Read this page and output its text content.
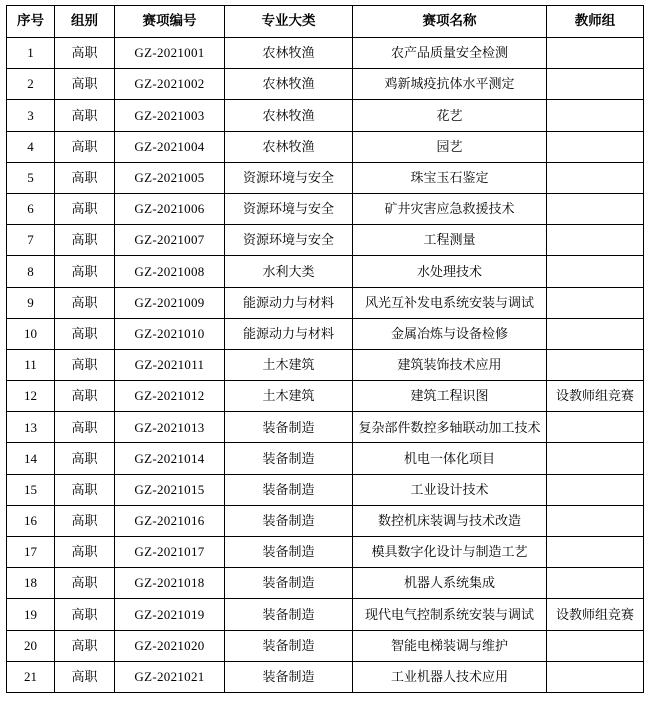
序号	组别	赛项编号	专业大类	赛项名称	教师组
1	高职	GZ-2021001	农林牧渔	农产品质量安全检测	
2	高职	GZ-2021002	农林牧渔	鸡新城疫抗体水平测定	
3	高职	GZ-2021003	农林牧渔	花艺	
4	高职	GZ-2021004	农林牧渔	园艺	
5	高职	GZ-2021005	资源环境与安全	珠宝玉石鉴定	
6	高职	GZ-2021006	资源环境与安全	矿井灾害应急救援技术	
7	高职	GZ-2021007	资源环境与安全	工程测量	
8	高职	GZ-2021008	水利大类	水处理技术	
9	高职	GZ-2021009	能源动力与材料	风光互补发电系统安装与调试	
10	高职	GZ-2021010	能源动力与材料	金属冶炼与设备检修	
11	高职	GZ-2021011	土木建筑	建筑装饰技术应用	
12	高职	GZ-2021012	土木建筑	建筑工程识图	设教师组竞赛
13	高职	GZ-2021013	装备制造	复杂部件数控多轴联动加工技术	
14	高职	GZ-2021014	装备制造	机电一体化项目	
15	高职	GZ-2021015	装备制造	工业设计技术	
16	高职	GZ-2021016	装备制造	数控机床装调与技术改造	
17	高职	GZ-2021017	装备制造	模具数字化设计与制造工艺	
18	高职	GZ-2021018	装备制造	机器人系统集成	
19	高职	GZ-2021019	装备制造	现代电气控制系统安装与调试	设教师组竞赛
20	高职	GZ-2021020	装备制造	智能电梯装调与维护	
21	高职	GZ-2021021	装备制造	工业机器人技术应用	
